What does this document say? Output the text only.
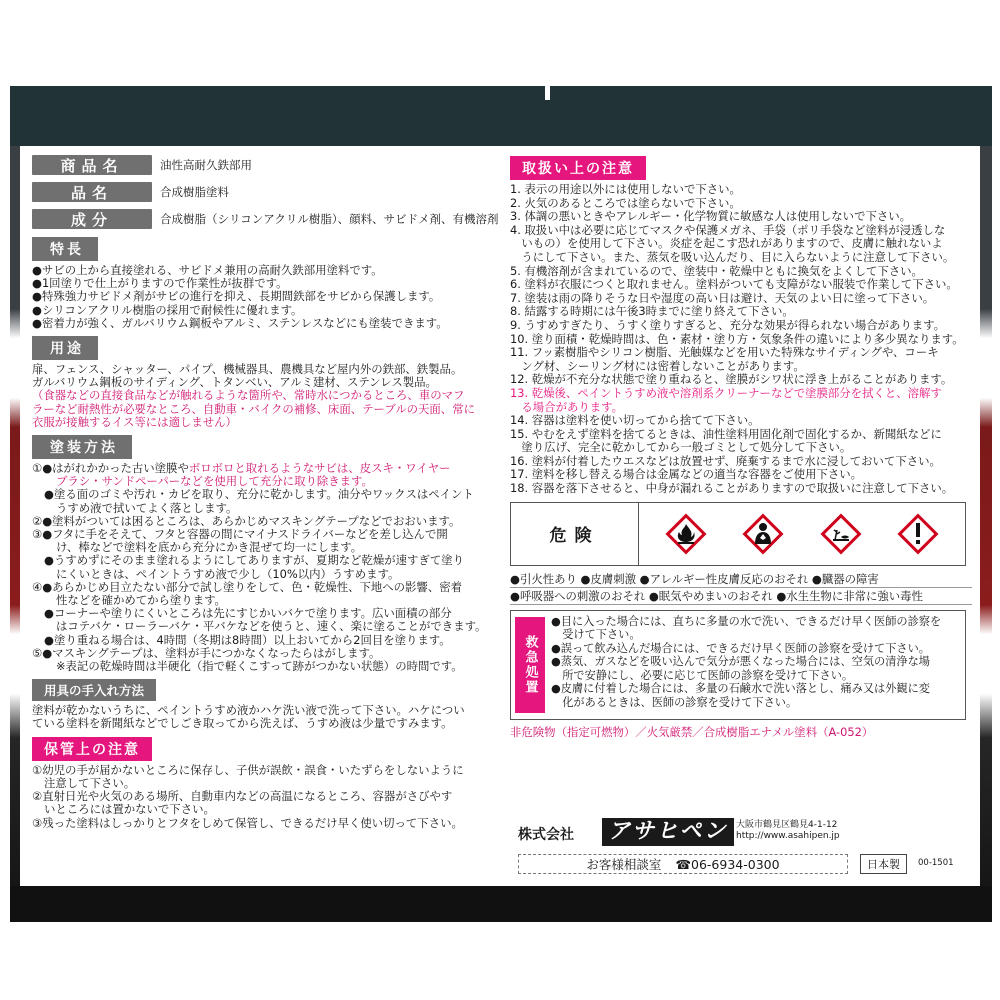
商品名	油性高耐久鉄部用
品名	合成樹脂塗料
成分	合成樹脂（シリコンアクリル樹脂）、顔料、サビドメ剤、有機溶剤
特長
●サビの上から直接塗れる、サビドメ兼用の高耐久鉄部用塗料です。
●1回塗りで仕上がりますので作業性が抜群です。
●特殊強力サビドメ剤がサビの進行を抑え、長期間鉄部をサビから保護します。
●シリコンアクリル樹脂の採用で耐候性に優れます。
●密着力が強く、ガルバリウム鋼板やアルミ、ステンレスなどにも塗装できます。
用途
扉、フェンス、シャッター、パイプ、機械器具、農機具など屋内外の鉄部、鉄製品。
ガルバリウム鋼板のサイディング、トタンベい、アルミ建材、ステンレス製品。
（食器などの直接食品などが触れるような箇所や、常時水につかるところ、車のマフ
ラーなど耐熱性が必要なところ、自動車・バイクの補修、床面、テーブルの天面、常に
衣服が接触するイス等には適しません）
塗装方法
①●はがれかかった古い塗膜やボロボロと取れるようなサビは、皮スキ・ワイヤー
ブラシ・サンドペーパーなどを使用して充分に取り除きます。
●塗る面のゴミや汚れ・カビを取り、充分に乾かします。油分やワックスはペイント
うすめ液で拭いてよく落とします。
②●塗料がついては困るところは、あらかじめマスキングテープなどでおおいます。
③●フタに手をそえて、フタと容器の間にマイナスドライバーなどを差し込んで開
け、棒などで塗料を底から充分にかき混ぜて均一にします。
●うすめずにそのまま塗れるようにしてありますが、夏期など乾燥が速すぎて塗り
にくいときは、ペイントうすめ液で少し（10%以内）うすめます。
④●あらかじめ目立たない部分で試し塗りをして、色・乾燥性、下地への影響、密着
性などを確かめてから塗ります。
●コーナーや塗りにくいところは先にすじかいバケで塗ります。広い面積の部分
はコテバケ・ローラーバケ・平バケなどを使うと、速く、楽に塗ることができます。
●塗り重ねる場合は、4時間（冬期は8時間）以上おいてから2回目を塗ります。
⑤●マスキングテープは、塗料が手につかなくなったらはがします。
※表記の乾燥時間は半硬化（指で軽くこすって跡がつかない状態）の時間です。
用具の手入れ方法
塗料が乾かないうちに、ペイントうすめ液かハケ洗い液で洗って下さい。ハケについ
ている塗料を新聞紙などでしごき取ってから洗えば、うすめ液は少量ですみます。
保管上の注意
①幼児の手が届かないところに保存し、子供が誤飲・誤食・いたずらをしないように
注意して下さい。
②直射日光や火気のある場所、自動車内などの高温になるところ、容器がさびやす
いところには置かないで下さい。
③残った塗料はしっかりとフタをしめて保管し、できるだけ早く使い切って下さい。
取扱い上の注意
1. 表示の用途以外には使用しないで下さい。
2. 火気のあるところでは塗らないで下さい。
3. 体調の悪いときやアレルギー・化学物質に敏感な人は使用しないで下さい。
4. 取扱い中は必要に応じてマスクや保護メガネ、手袋（ポリ手袋など塗料が浸透しな
　いもの）を使用して下さい。炎症を起こす恐れがありますので、皮膚に触れないよ
　うにして下さい。また、蒸気を吸い込んだり、目に入らないように注意して下さい。
5. 有機溶剤が含まれているので、塗装中・乾燥中ともに換気をよくして下さい。
6. 塗料が衣服につくと取れません。塗料がついても支障がない服装で作業して下さい。
7. 塗装は雨の降りそうな日や湿度の高い日は避け、天気のよい日に塗って下さい。
8. 結露する時期には午後3時までに塗り終えて下さい。
9. うすめすぎたり、うすく塗りすぎると、充分な効果が得られない場合があります。
10. 塗り面積・乾燥時間は、色・素材・塗り方・気象条件の違いにより多少異なります。
11. フッ素樹脂やシリコン樹脂、光触媒などを用いた特殊なサイディングや、コーキ
　ング材、シーリング材には密着しないことがあります。
12. 乾燥が不充分な状態で塗り重ねると、塗膜がシワ状に浮き上がることがあります。
13. 乾燥後、ペイントうすめ液や溶剤系クリーナーなどで塗膜部分を拭くと、溶解す
　る場合があります。
14. 容器は塗料を使い切ってから捨てて下さい。
15. やむをえず塗料を捨てるときは、油性塗料用固化剤で固化するか、新聞紙などに
　塗り広げ、完全に乾かしてから一般ゴミとして処分して下さい。
16. 塗料が付着したウエスなどは放置せず、廃棄するまで水に浸しておいて下さい。
17. 塗料を移し替える場合は金属などの適当な容器をご使用下さい。
18. 容器を落下させると、中身が漏れることがありますので取扱いに注意して下さい。
危険
●引火性あり ●皮膚刺激 ●アレルギー性皮膚反応のおそれ ●臓器の障害
●呼吸器への刺激のおそれ ●眠気やめまいのおそれ ●水生生物に非常に強い毒性
救急処置
●目に入った場合には、直ちに多量の水で洗い、できるだけ早く医師の診察を
　受けて下さい。
●誤って飲み込んだ場合には、できるだけ早く医師の診察を受けて下さい。
●蒸気、ガスなどを吸い込んで気分が悪くなった場合には、空気の清浄な場
　所で安静にし、必要に応じて医師の診察を受けて下さい。
●皮膚に付着した場合には、多量の石鹸水で洗い落とし、痛み又は外観に変
　化があるときは、医師の診察を受けて下さい。
非危険物（指定可燃物）／火気厳禁／合成樹脂エナメル塗料（A-052）
株式会社 アサヒペン 大阪市鶴見区鶴見4-1-12
http://www.asahipen.jp
お客様相談室 ☎06-6934-0300	日本製	00-1501
